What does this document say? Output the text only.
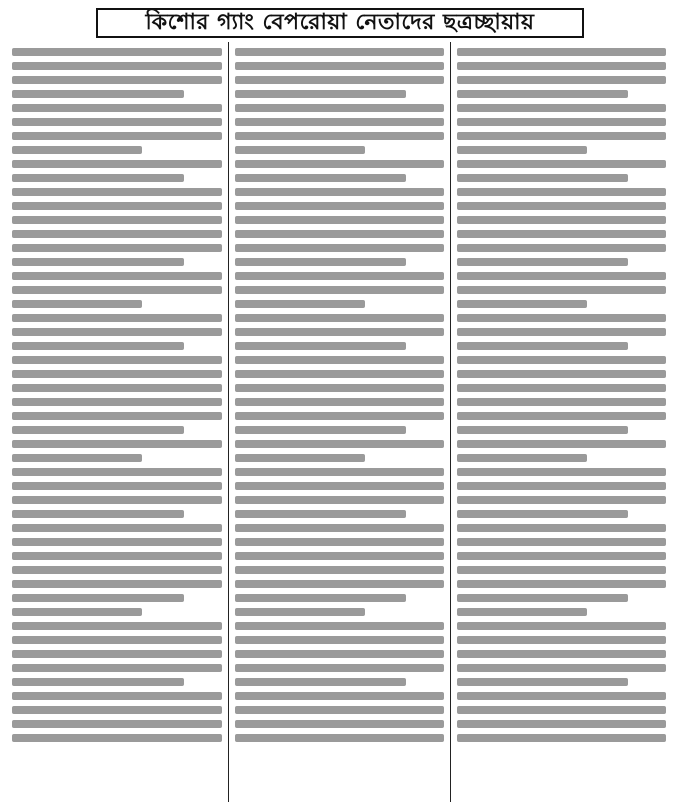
কিশোর গ্যাং বেপরোয়া নেতাদের ছত্রচ্ছায়ায়
